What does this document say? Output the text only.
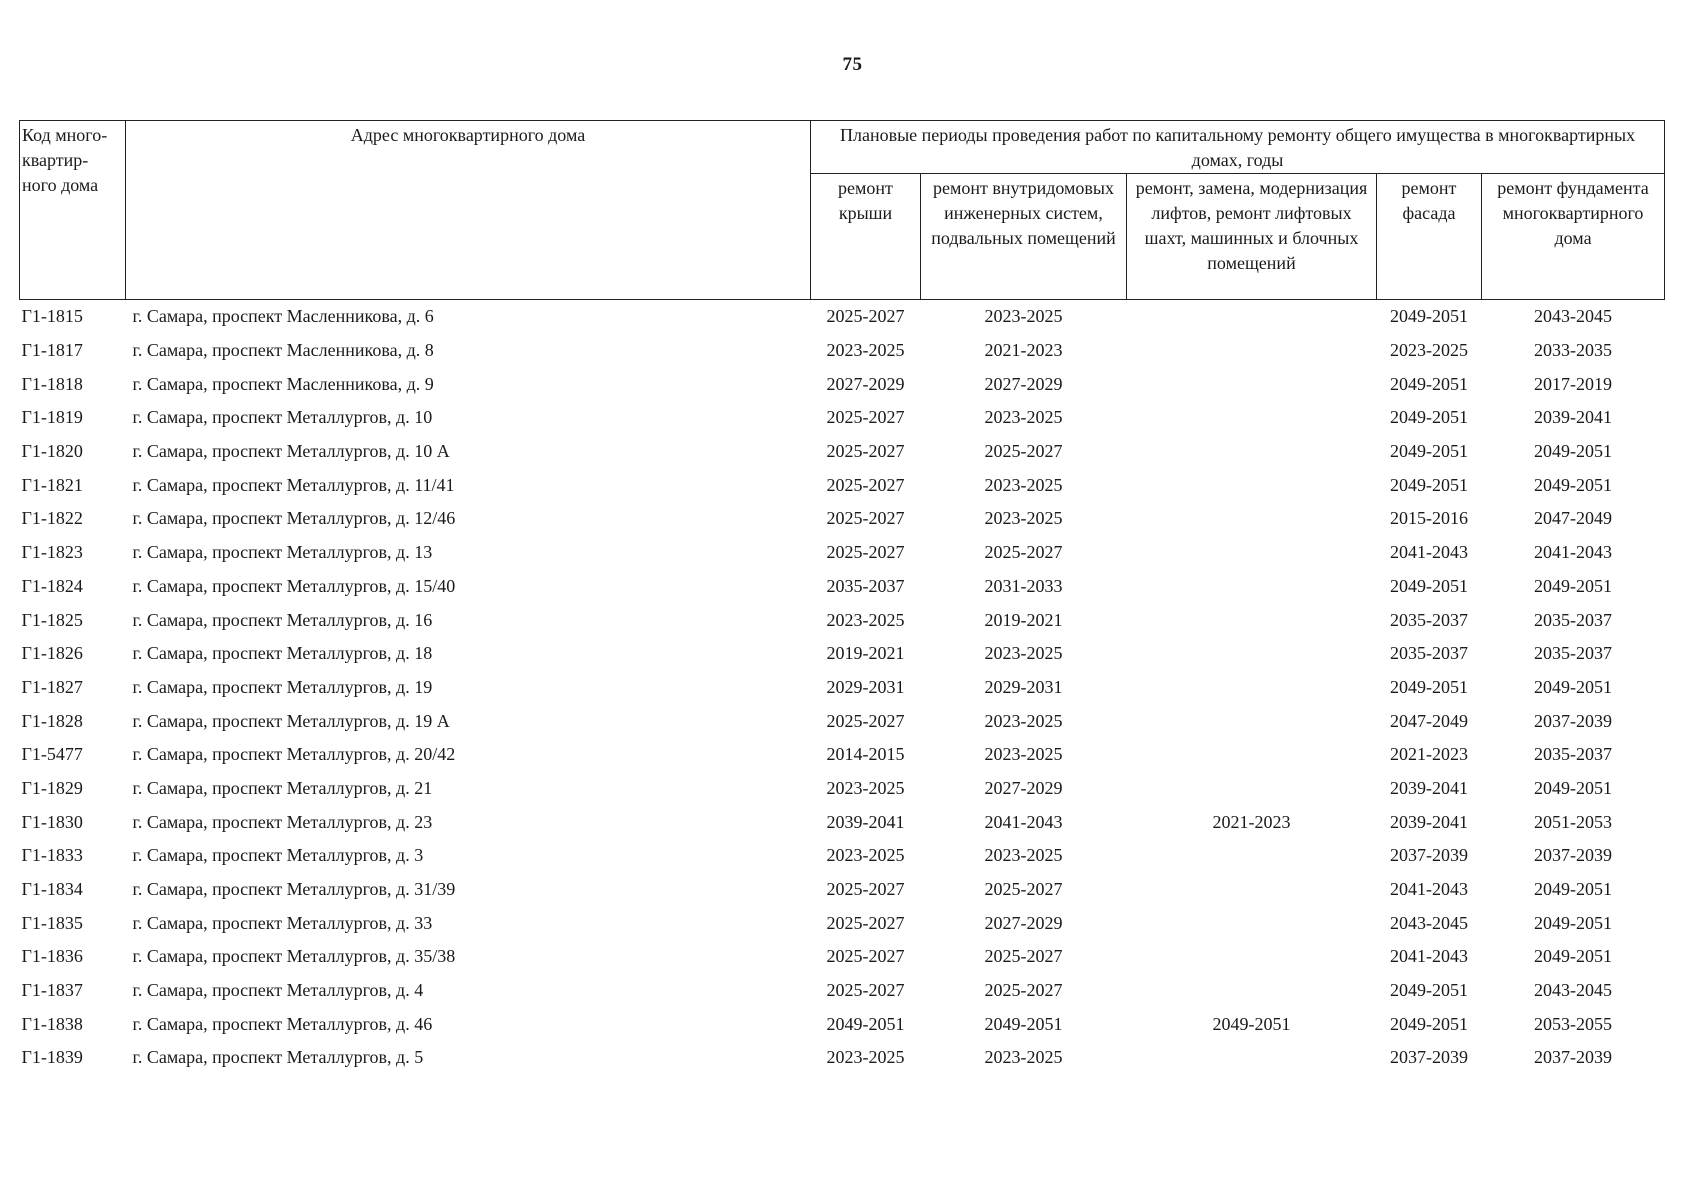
75
Код много-квартир-ного дома	Адрес многоквартирного дома	Плановые периоды проведения работ по капитальному ремонту общего имущества в многоквартирных домах, годы				
		ремонт крыши	ремонт внутридомовых инженерных систем, подвальных помещений	ремонт, замена, модернизация лифтов, ремонт лифтовых шахт, машинных и блочных помещений	ремонт фасада	ремонт фундамента многоквартирного дома
Г1-1815	г. Самара, проспект Масленникова, д. 6	2025-2027	2023-2025		2049-2051	2043-2045
Г1-1817	г. Самара, проспект Масленникова, д. 8	2023-2025	2021-2023		2023-2025	2033-2035
Г1-1818	г. Самара, проспект Масленникова, д. 9	2027-2029	2027-2029		2049-2051	2017-2019
Г1-1819	г. Самара, проспект Металлургов, д. 10	2025-2027	2023-2025		2049-2051	2039-2041
Г1-1820	г. Самара, проспект Металлургов, д. 10 А	2025-2027	2025-2027		2049-2051	2049-2051
Г1-1821	г. Самара, проспект Металлургов, д. 11/41	2025-2027	2023-2025		2049-2051	2049-2051
Г1-1822	г. Самара, проспект Металлургов, д. 12/46	2025-2027	2023-2025		2015-2016	2047-2049
Г1-1823	г. Самара, проспект Металлургов, д. 13	2025-2027	2025-2027		2041-2043	2041-2043
Г1-1824	г. Самара, проспект Металлургов, д. 15/40	2035-2037	2031-2033		2049-2051	2049-2051
Г1-1825	г. Самара, проспект Металлургов, д. 16	2023-2025	2019-2021		2035-2037	2035-2037
Г1-1826	г. Самара, проспект Металлургов, д. 18	2019-2021	2023-2025		2035-2037	2035-2037
Г1-1827	г. Самара, проспект Металлургов, д. 19	2029-2031	2029-2031		2049-2051	2049-2051
Г1-1828	г. Самара, проспект Металлургов, д. 19 А	2025-2027	2023-2025		2047-2049	2037-2039
Г1-5477	г. Самара, проспект Металлургов, д. 20/42	2014-2015	2023-2025		2021-2023	2035-2037
Г1-1829	г. Самара, проспект Металлургов, д. 21	2023-2025	2027-2029		2039-2041	2049-2051
Г1-1830	г. Самара, проспект Металлургов, д. 23	2039-2041	2041-2043	2021-2023	2039-2041	2051-2053
Г1-1833	г. Самара, проспект Металлургов, д. 3	2023-2025	2023-2025		2037-2039	2037-2039
Г1-1834	г. Самара, проспект Металлургов, д. 31/39	2025-2027	2025-2027		2041-2043	2049-2051
Г1-1835	г. Самара, проспект Металлургов, д. 33	2025-2027	2027-2029		2043-2045	2049-2051
Г1-1836	г. Самара, проспект Металлургов, д. 35/38	2025-2027	2025-2027		2041-2043	2049-2051
Г1-1837	г. Самара, проспект Металлургов, д. 4	2025-2027	2025-2027		2049-2051	2043-2045
Г1-1838	г. Самара, проспект Металлургов, д. 46	2049-2051	2049-2051	2049-2051	2049-2051	2053-2055
Г1-1839	г. Самара, проспект Металлургов, д. 5	2023-2025	2023-2025		2037-2039	2037-2039
